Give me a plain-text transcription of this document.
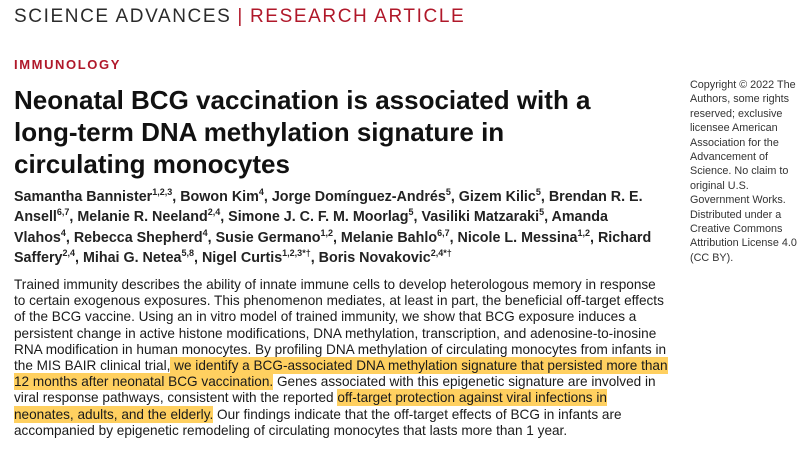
SCIENCE ADVANCES | RESEARCH ARTICLE
IMMUNOLOGY
Neonatal BCG vaccination is associated with a long-term DNA methylation signature in circulating monocytes
Samantha Bannister$^{1,2,3}$, Bowon Kim$^4$, Jorge Domínguez-Andrés$^5$, Gizem Kilic$^5$, Brendan R. E. Ansell$^{6,7}$, Melanie R. Neeland$^{2,4}$, Simone J. C. F. M. Moorlag$^5$, Vasiliki Matzaraki$^5$, Amanda Vlahos$^4$, Rebecca Shepherd$^4$, Susie Germano$^{1,2}$, Melanie Bahlo$^{6,7}$, Nicole L. Messina$^{1,2}$, Richard Saffery$^{2,4}$, Mihai G. Netea$^{5,8}$, Nigel Curtis$^{1,2,3*\dagger}$, Boris Novakovic$^{2,4*\dagger}$
Copyright © 2022 The Authors, some rights reserved; exclusive licensee American Association for the Advancement of Science. No claim to original U.S. Government Works. Distributed under a Creative Commons Attribution License 4.0 (CC BY).
Trained immunity describes the ability of innate immune cells to develop heterologous memory in response to certain exogenous exposures. This phenomenon mediates, at least in part, the beneficial off-target effects of the BCG vaccine. Using an in vitro model of trained immunity, we show that BCG exposure induces a persistent change in active histone modifications, DNA methylation, transcription, and adenosine-to-inosine RNA modification in human monocytes. By profiling DNA methylation of circulating monocytes from infants in the MIS BAIR clinical trial, we identify a BCG-associated DNA methylation signature that persisted more than 12 months after neonatal BCG vaccination. Genes associated with this epigenetic signature are involved in viral response pathways, consistent with the reported off-target protection against viral infections in neonates, adults, and the elderly. Our findings indicate that the off-target effects of BCG in infants are accompanied by epigenetic remodeling of circulating monocytes that lasts more than 1 year.
